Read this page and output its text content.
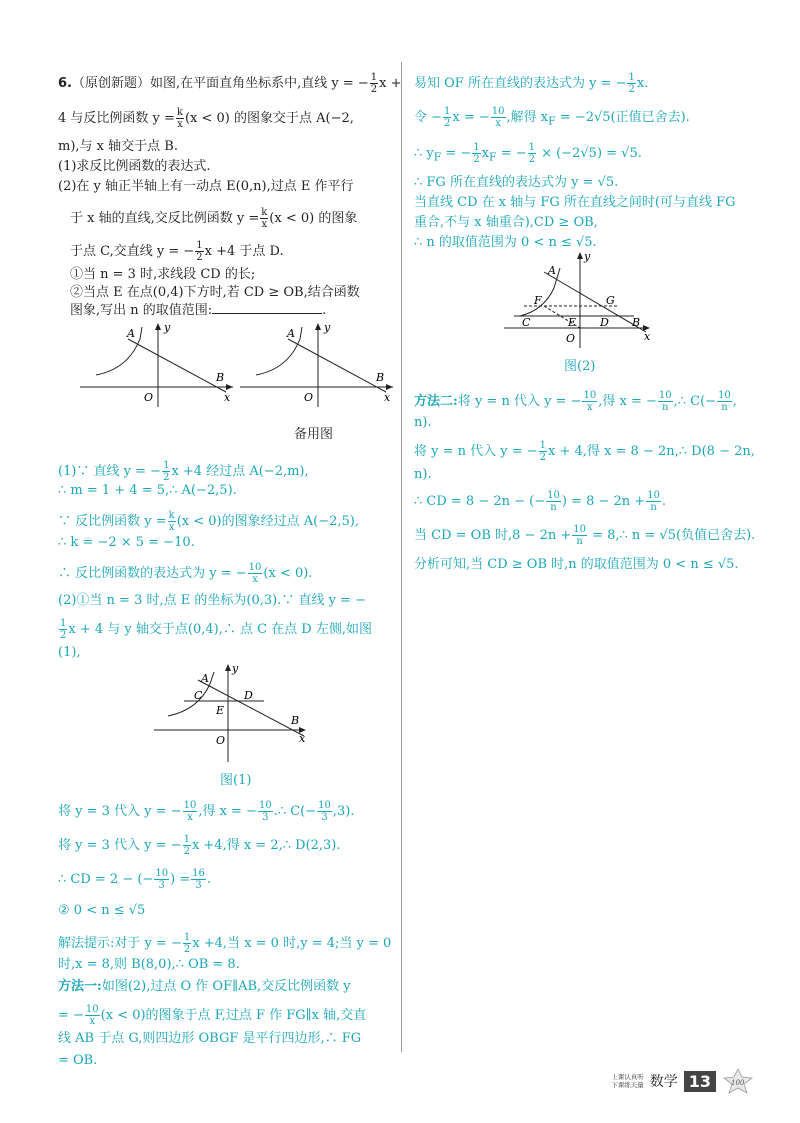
6.（原创新题）如图,在平面直角坐标系中,直线 y = − $\frac{1}{2}$ x +
4 与反比例函数 $y = \frac{k}{x} (x < 0)$ 的图象交于点 A(−2,
m),与 x 轴交于点 B.
(1)求反比例函数的表达式.
(2)在 y 轴正半轴上有一动点 E(0,n),过点 E 作平行
于 x 轴的直线,交反比例函数 $y = \frac{k}{x} (x < 0)$ 的图象
于点 C,交直线 y = − $\frac{1}{2}$ x +4 于点 D.
①当 n = 3 时,求线段 CD 的长;
②当点 E 在点(0,4)下方时,若 CD ≥ OB,结合函数
图象,写出 n 的取值范围:	.
A	y
B
x
O
A	y
B
x
O
备用图
(1)∵ 直线 y = − $\frac{1}{2}$ x +4 经过点 A(−2,m),
∴ m = 1 + 4 = 5,∴ A(−2,5).
∵ 反比例函数 $y = \frac{k}{x} (x < 0)$的图象经过点 A(−2,5),
∴ k = −2 × 5 = −10.
∴ 反比例函数的表达式为 y = − $\frac{10}{x} (x < 0)$.
(2)①当 n = 3 时,点 E 的坐标为(0,3).∵ 直线 y = −
$\frac{1}{2}$ x + 4 与 y 轴交于点(0,4),∴ 点 C 在点 D 左侧,如图
(1),
A
y
C	D
E
B
x
O
图(1)
将 y = 3 代入 y = − $\frac{10}{x}$ ,得 x = − $\frac{10}{3}$ .∴ $C(- \frac{10}{3} ,3)$.
将 y = 3 代入 y = − $\frac{1}{2}$ x +4,得 x = 2,∴ D(2,3).
∴ CD = 2 − (− $\frac{10}{3}$ ) = $\frac{16}{3}$ .
② 0 < n ≤ √5
解法提示:对于 y = − $\frac{1}{2}$ x +4,当 x = 0 时,y = 4;当 y = 0
时,x = 8,则 B(8,0),∴ OB = 8.
方法一:如图(2),过点 O 作 OF∥AB,交反比例函数 y
= − $\frac{10}{x} (x < 0)$的图象于点 F,过点 F 作 FG∥x 轴,交直
线 AB 于点 G,则四边形 OBGF 是平行四边形,∴ FG
= OB.
易知 OF 所在直线的表达式为 y = − $\frac{1}{2} x$.
令 − $\frac{1}{2}$ x = − $\frac{10}{x}$ ,解得 $x_F = -2√5$(正值已舍去).
∴ $y_F$ = − $\frac{1}{2} x_F$ = − $\frac{1}{2} \times (-2√5) = √5$.
∴ FG 所在直线的表达式为 y = √5.
当直线 CD 在 x 轴与 FG 所在直线之间时(可与直线 FG
重合,不与 x 轴重合),CD ≥ OB,
∴ n 的取值范围为 0 < n ≤ √5.
A
y
F	G
C	E D B
x
O
图(2)
方法二:将 y = n 代入 y = − $\frac{10}{x}$ ,得 x = − $\frac{10}{n}$ ,∴ $C(- \frac{10}{n}$ ,
n).
将 y = n 代入 y = − $\frac{1}{2}$ x + 4,得 x = 8 − 2n,∴ D(8 − 2n,
n).
∴ CD = 8 − 2n − (− $\frac{10}{n}$ ) = $8 - 2n + \frac{10}{n}$ .
当 CD = OB 时$,8 - 2n + \frac{10}{n}$ = 8,∴ n = √5(负值已舍去).
分析可知,当 CD ≥ OB 时,n 的取值范围为 0 < n ≤ √5.
上课认真听
下课练天量 数学 13	100
